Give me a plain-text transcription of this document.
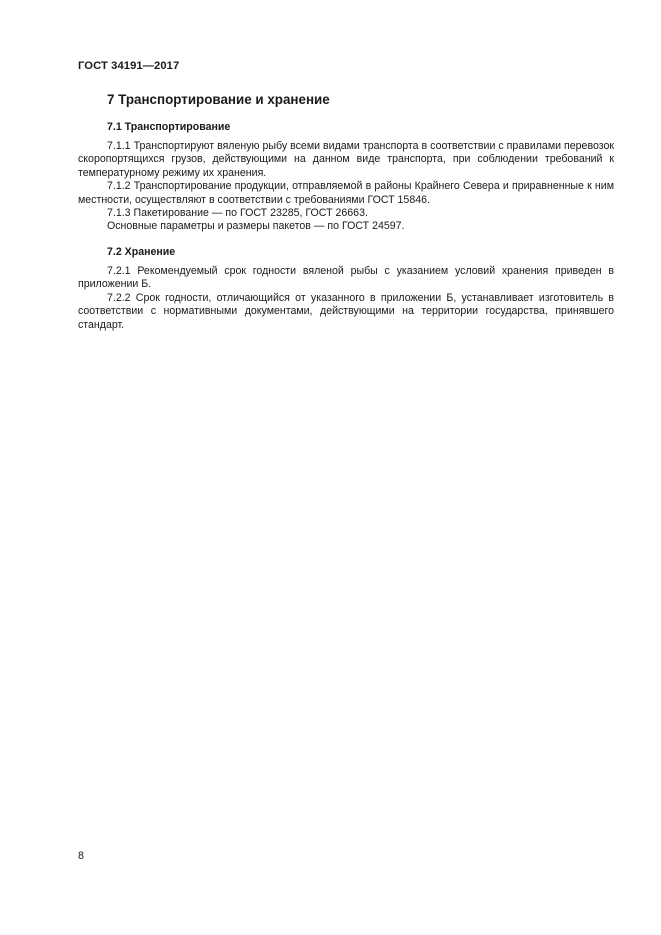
ГОСТ 34191—2017
7 Транспортирование и хранение
7.1 Транспортирование

7.1.1 Транспортируют вяленую рыбу всеми видами транспорта в соответствии с правилами перевозок скоропортящихся грузов, действующими на данном виде транспорта, при соблюдении требований к температурному режиму их хранения.

7.1.2 Транспортирование продукции, отправляемой в районы Крайнего Севера и приравненные к ним местности, осуществляют в соответствии с требованиями ГОСТ 15846.

7.1.3 Пакетирование — по ГОСТ 23285, ГОСТ 26663.

Основные параметры и размеры пакетов — по ГОСТ 24597.

7.2 Хранение

7.2.1 Рекомендуемый срок годности вяленой рыбы с указанием условий хранения приведен в приложении Б.

7.2.2 Срок годности, отличающийся от указанного в приложении Б, устанавливает изготовитель в соответствии с нормативными документами, действующими на территории государства, принявшего стандарт.

8
